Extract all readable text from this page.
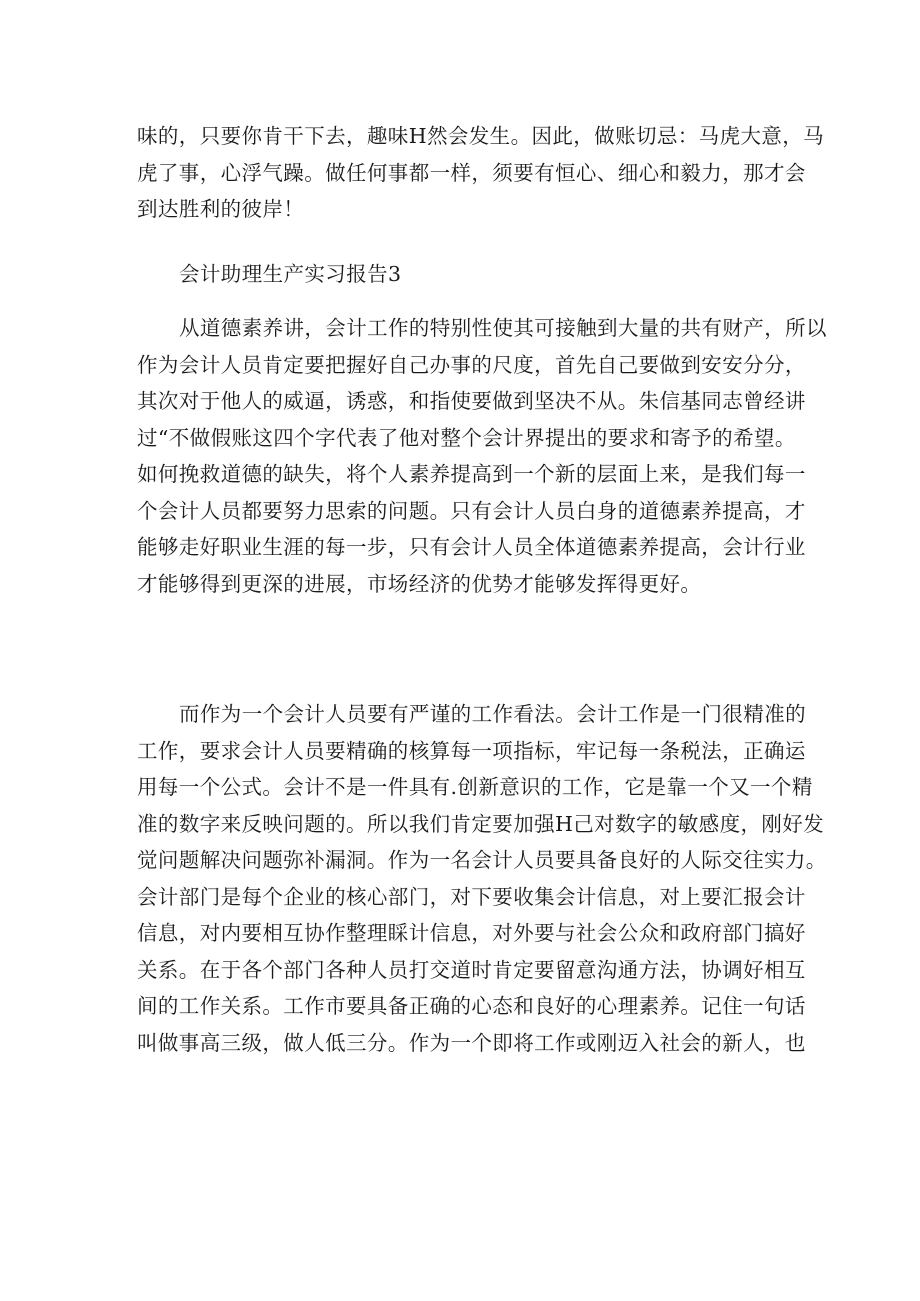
味的，只要你肯干下去，趣味H然会发生。因此，做账切忌：马虎大意，马
虎了事，心浮气躁。做任何事都一样，须要有恒心、细心和毅力，那才会
到达胜利的彼岸！
会计助理生产实习报告3
从道德素养讲，会计工作的特别性使其可接触到大量的共有财产，所以
作为会计人员肯定要把握好自己办事的尺度，首先自己要做到安安分分，
其次对于他人的威逼，诱惑，和指使要做到坚决不从。朱信基同志曾经讲
过“不做假账这四个字代表了他对整个会计界提出的要求和寄予的希望。
如何挽救道德的缺失，将个人素养提高到一个新的层面上来，是我们每一
个会计人员都要努力思索的问题。只有会计人员白身的道德素养提高，才
能够走好职业生涯的每一步，只有会计人员全体道德素养提高，会计行业
才能够得到更深的进展，市场经济的优势才能够发挥得更好。
而作为一个会计人员要有严谨的工作看法。会计工作是一门很精准的
工作，要求会计人员要精确的核算每一项指标，牢记每一条税法，正确运
用每一个公式。会计不是一件具有.创新意识的工作，它是靠一个又一个精
准的数字来反映问题的。所以我们肯定要加强H己对数字的敏感度，刚好发
觉问题解决问题弥补漏洞。作为一名会计人员要具备良好的人际交往实力。
会计部门是每个企业的核心部门，对下要收集会计信息，对上要汇报会计
信息，对内要相互协作整理睬计信息，对外要与社会公众和政府部门搞好
关系。在于各个部门各种人员打交道时肯定要留意沟通方法，协调好相互
间的工作关系。工作市要具备正确的心态和良好的心理素养。记住一句话
叫做事高三级，做人低三分。作为一个即将工作或刚迈入社会的新人，也
